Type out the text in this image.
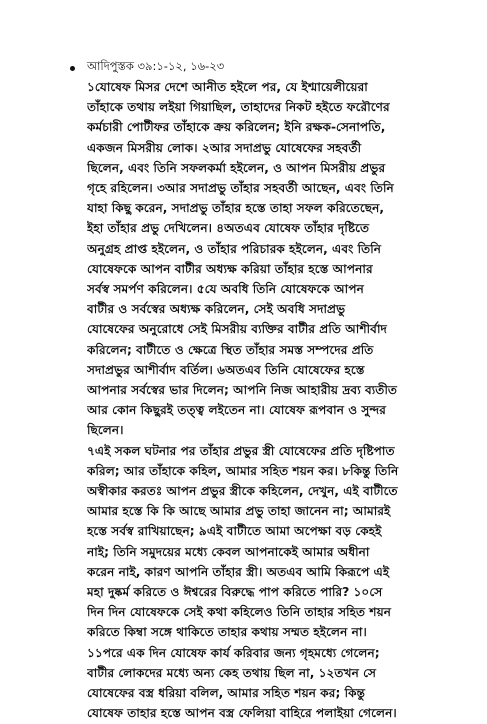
আদিপুস্তক ৩৯:১-১২, ১৬-২৩
১যোষেফ মিসর দেশে আনীত হইলে পর, যে ইশ্মায়েলীয়েরা
তাঁহাকে তথায় লইয়া গিয়াছিল, তাহাদের নিকট হইতে ফরৌণের
কর্মচারী পোটীফর তাঁহাকে ক্রয় করিলেন; ইনি রক্ষক-সেনাপতি,
একজন মিসরীয় লোক। ২আর সদাপ্রভু যোষেফের সহবর্তী
ছিলেন, এবং তিনি সফলকর্মা হইলেন, ও আপন মিসরীয় প্রভুর
গৃহে রহিলেন। ৩আর সদাপ্রভু তাঁহার সহবর্তী আছেন, এবং তিনি
যাহা কিছু করেন, সদাপ্রভু তাঁহার হস্তে তাহা সফল করিতেছেন,
ইহা তাঁহার প্রভু দেখিলেন। ৪অতএব যোষেফ তাঁহার দৃষ্টিতে
অনুগ্রহ প্রাপ্ত হইলেন, ও তাঁহার পরিচারক হইলেন, এবং তিনি
যোষেফকে আপন বাটীর অধ্যক্ষ করিয়া তাঁহার হস্তে আপনার
সর্বস্ব সমর্পণ করিলেন। ৫যে অবধি তিনি যোষেফকে আপন
বাটীর ও সর্বস্বের অধ্যক্ষ করিলেন, সেই অবধি সদাপ্রভু
যোষেফের অনুরোধে সেই মিসরীয় ব্যক্তির বাটীর প্রতি আশীর্বাদ
করিলেন; বাটীতে ও ক্ষেত্রে স্থিত তাঁহার সমস্ত সম্পদের প্রতি
সদাপ্রভুর আশীর্বাদ বর্তিল। ৬অতএব তিনি যোষেফের হস্তে
আপনার সর্বস্বের ভার দিলেন; আপনি নিজ আহারীয় দ্রব্য ব্যতীত
আর কোন কিছুরই তত্ত্ব লইতেন না। যোষেফ রূপবান ও সুন্দর
ছিলেন।
৭এই সকল ঘটনার পর তাঁহার প্রভুর স্ত্রী যোষেফের প্রতি দৃষ্টিপাত
করিল; আর তাঁহাকে কহিল, আমার সহিত শয়ন কর। ৮কিন্তু তিনি
অস্বীকার করতঃ আপন প্রভুর স্ত্রীকে কহিলেন, দেখুন, এই বাটীতে
আমার হস্তে কি কি আছে আমার প্রভু তাহা জানেন না; আমারই
হস্তে সর্বস্ব রাখিয়াছেন; ৯এই বাটীতে আমা অপেক্ষা বড় কেহই
নাই; তিনি সমুদয়ের মধ্যে কেবল আপনাকেই আমার অধীনা
করেন নাই, কারণ আপনি তাঁহার স্ত্রী। অতএব আমি কিরূপে এই
মহা দুষ্কর্ম করিতে ও ঈশ্বরের বিরুদ্ধে পাপ করিতে পারি? ১০সে
দিন দিন যোষেফকে সেই কথা কহিলেও তিনি তাহার সহিত শয়ন
করিতে কিম্বা সঙ্গে থাকিতে তাহার কথায় সম্মত হইলেন না।
১১পরে এক দিন যোষেফ কার্য করিবার জন্য গৃহমধ্যে গেলেন;
বাটীর লোকদের মধ্যে অন্য কেহ তথায় ছিল না, ১২তখন সে
যোষেফের বস্ত্র ধরিয়া বলিল, আমার সহিত শয়ন কর; কিন্তু
যোষেফ তাহার হস্তে আপন বস্ত্র ফেলিয়া বাহিরে পলাইয়া গেলেন।
